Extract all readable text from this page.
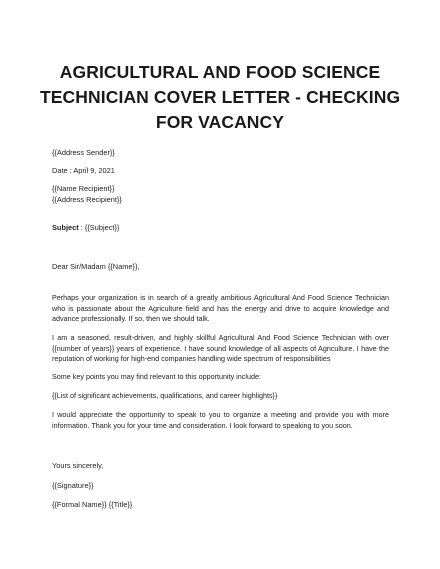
AGRICULTURAL AND FOOD SCIENCE
TECHNICIAN COVER LETTER - CHECKING
FOR VACANCY
{{Address Sender}}
Date : April 9, 2021
{{Name Recipient}}
{{Address Recipient}}
Subject : {{Subject}}
Dear Sir/Madam {{Name}},
Perhaps your organization is in search of a greatly ambitious Agricultural And Food Science Technician who is passionate about the Agriculture field and has the energy and drive to acquire knowledge and advance professionally. If so, then we should talk.
I am a seasoned, result-driven, and highly skillful Agricultural And Food Science Technician with over {{number of years}} years of experience. I have sound knowledge of all aspects of Agriculture. I have the reputation of working for high-end companies handling wide spectrum of responsibilities
Some key points you may find relevant to this opportunity include:
{{List of significant achievements, qualifications, and career highlights}}
I would appreciate the opportunity to speak to you to organize a meeting and provide you with more information. Thank you for your time and consideration. I look forward to speaking to you soon.
Yours sincerely,
{{Signature}}
{{Formal Name}} {{Title}}
